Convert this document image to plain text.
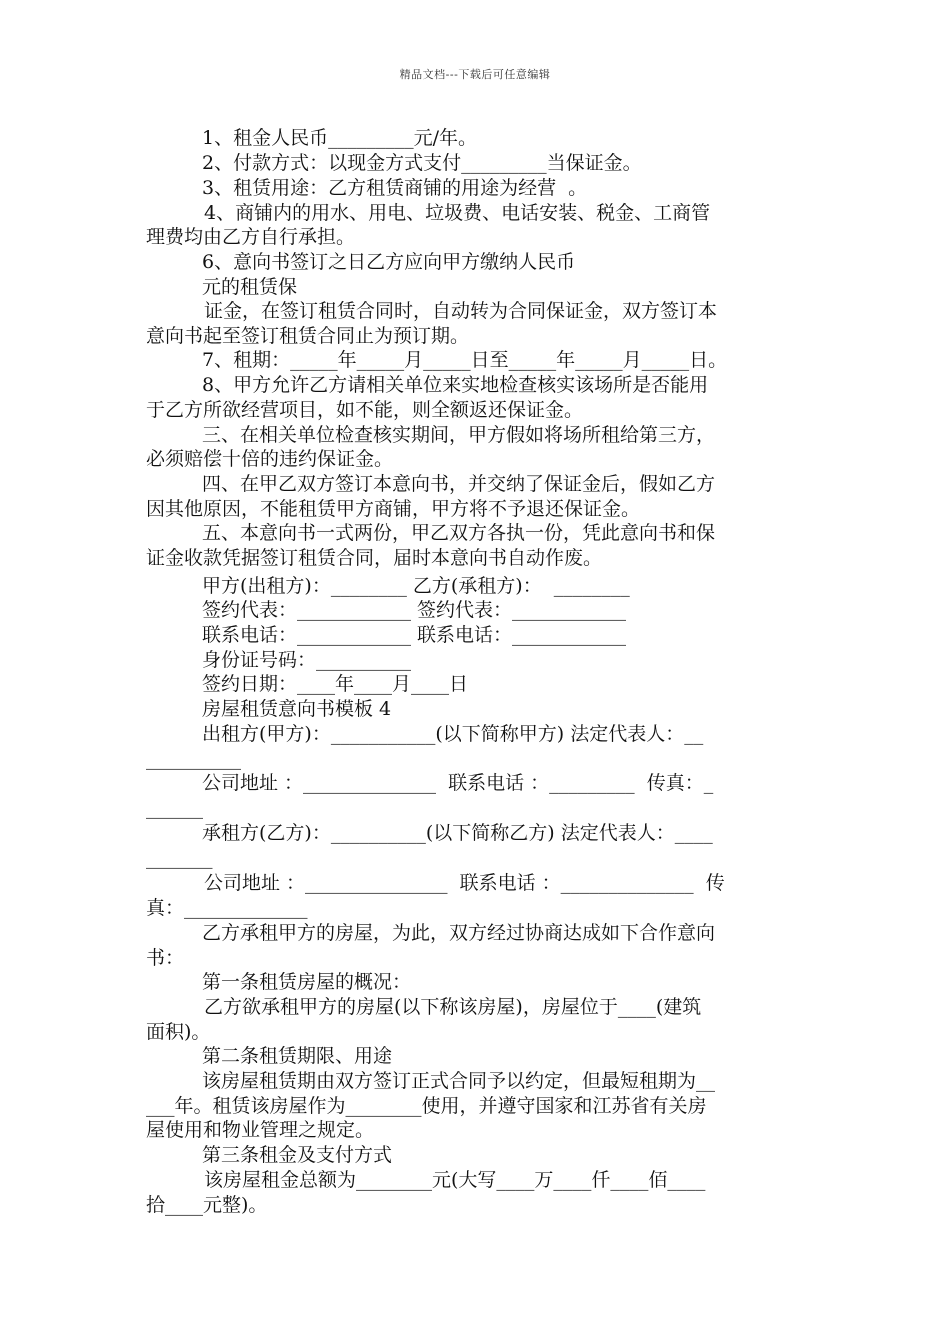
精品文档---下载后可任意编辑
1、租金人民币_________元/年。
2、付款方式：以现金方式支付_________当保证金。
3、租赁用途：乙方租赁商铺的用途为经营  。
4、商铺内的用水、用电、垃圾费、电话安装、税金、工商管
理费均由乙方自行承担。
6、意向书签订之日乙方应向甲方缴纳人民币
元的租赁保
证金，在签订租赁合同时，自动转为合同保证金，双方签订本
意向书起至签订租赁合同止为预订期。
7、租期：_____年_____月_____日至_____年_____月_____日。
8、甲方允许乙方请相关单位来实地检查核实该场所是否能用
于乙方所欲经营项目，如不能，则全额返还保证金。
三、在相关单位检查核实期间，甲方假如将场所租给第三方，
必须赔偿十倍的违约保证金。
四、在甲乙双方签订本意向书，并交纳了保证金后，假如乙方
因其他原因，不能租赁甲方商铺，甲方将不予退还保证金。
五、本意向书一式两份，甲乙双方各执一份，凭此意向书和保
证金收款凭据签订租赁合同，届时本意向书自动作废。
甲方(出租方)：________ 乙方(承租方)：  ________
签约代表：____________ 签约代表：____________
联系电话：____________ 联系电话：____________
身份证号码：__________
签约日期：____年____月____日
房屋租赁意向书模板 4
出租方(甲方)：___________(以下简称甲方) 法定代表人：__
__________
公司地址 ：______________  联系电话 ：_________  传真：_
______
承租方(乙方)：__________(以下简称乙方) 法定代表人：____
_______
公司地址 ：_______________  联系电话 ：______________  传
真：_____________
乙方承租甲方的房屋，为此，双方经过协商达成如下合作意向
书：
第一条租赁房屋的概况：
乙方欲承租甲方的房屋(以下称该房屋)，房屋位于____(建筑
面积)。
第二条租赁期限、用途
该房屋租赁期由双方签订正式合同予以约定，但最短租期为__
___年。租赁该房屋作为________使用，并遵守国家和江苏省有关房
屋使用和物业管理之规定。
第三条租金及支付方式
该房屋租金总额为________元(大写____万____仟____佰____
拾____元整)。
